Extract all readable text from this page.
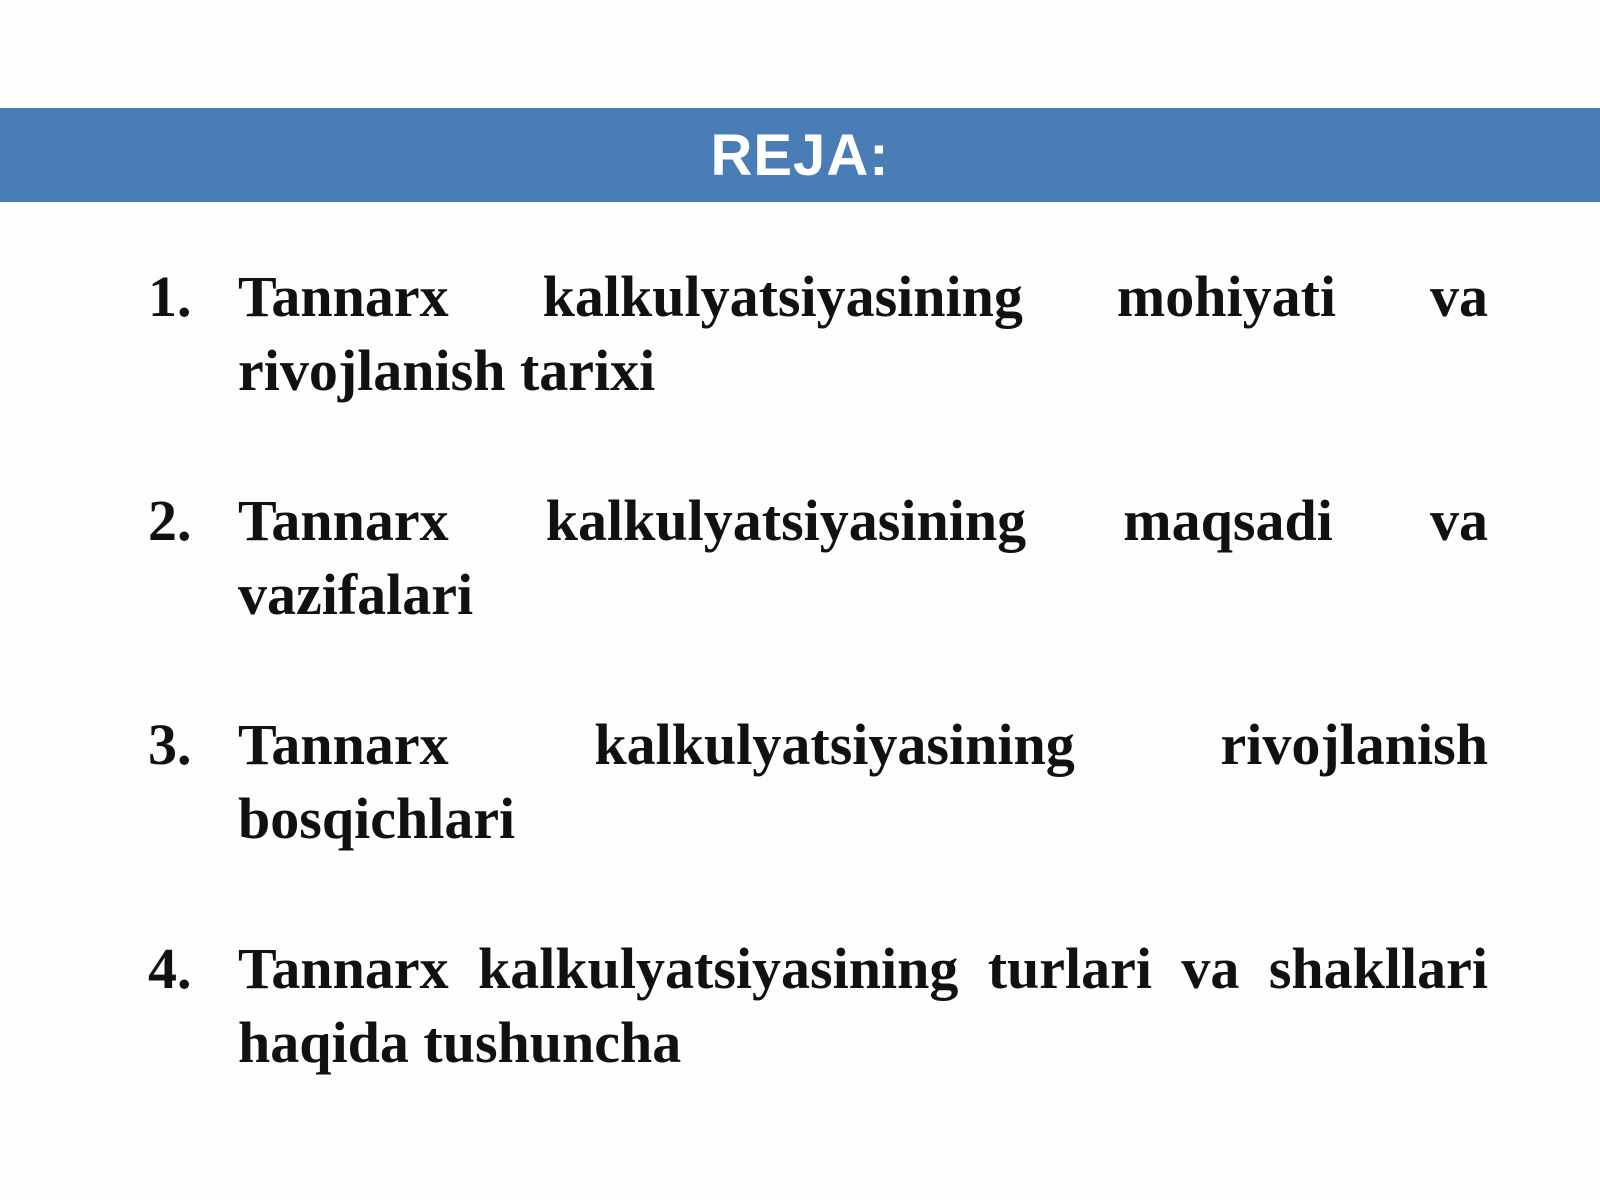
REJA:
1. Tannarx kalkulyatsiyasining mohiyati va rivojlanish tarixi
2. Tannarx kalkulyatsiyasining maqsadi va vazifalari
3. Tannarx kalkulyatsiyasining rivojlanish bosqichlari
4. Tannarx kalkulyatsiyasining turlari va shakllari haqida tushuncha
